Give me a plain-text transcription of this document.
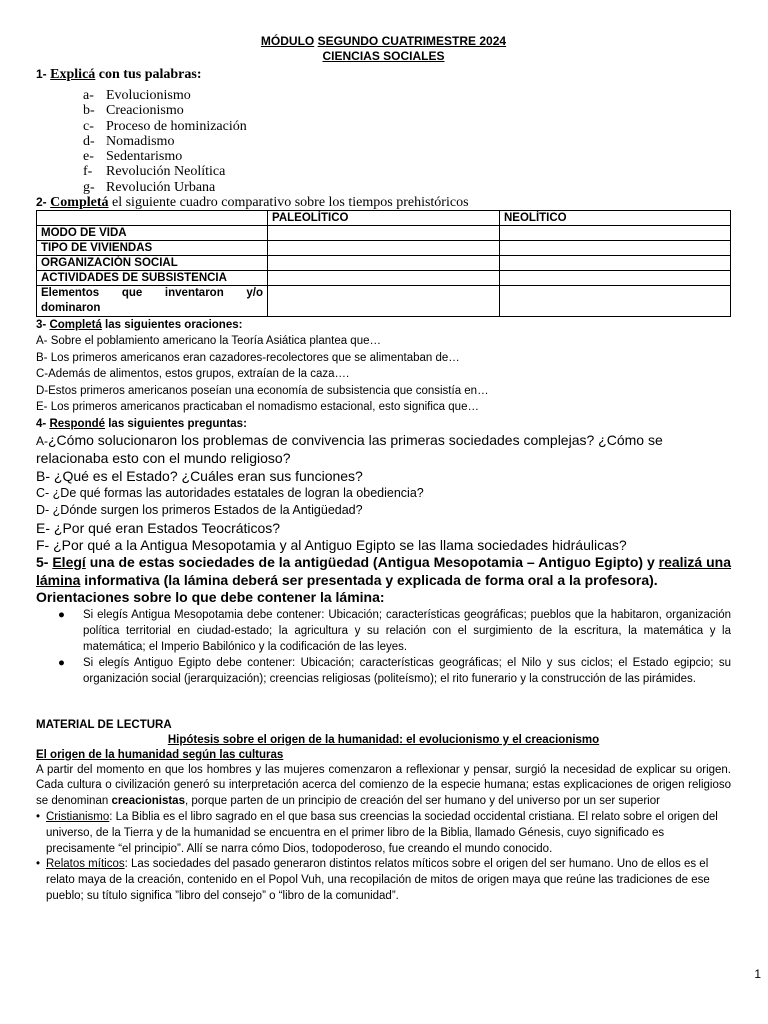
MÓDULO SEGUNDO CUATRIMESTRE 2024
CIENCIAS SOCIALES
1- Explicá con tus palabras:
a- Evolucionismo
b- Creacionismo
c- Proceso de hominización
d- Nomadismo
e- Sedentarismo
f- Revolución Neolítica
g- Revolución Urbana
2- Completá el siguiente cuadro comparativo sobre los tiempos prehistóricos
	PALEOLÍTICO	NEOLÍTICO
MODO DE VIDA		
TIPO DE VIVIENDAS		
ORGANIZACIÓN SOCIAL		
ACTIVIDADES DE SUBSISTENCIA		

Elementos que inventaron y/o
dominaron		

3- Completá las siguientes oraciones:
A- Sobre el poblamiento americano la Teoría Asiática plantea que…
B- Los primeros americanos eran cazadores-recolectores que se alimentaban de…
C-Además de alimentos, estos grupos, extraían de la caza….
D-Estos primeros americanos poseían una economía de subsistencia que consistía en…
E- Los primeros americanos practicaban el nomadismo estacional, esto significa que…
4- Respondé las siguientes preguntas:
A-¿Cómo solucionaron los problemas de convivencia las primeras sociedades complejas? ¿Cómo se relacionaba esto con el mundo religioso?
B- ¿Qué es el Estado? ¿Cuáles eran sus funciones?
C- ¿De qué formas las autoridades estatales de logran la obediencia?
D- ¿Dónde surgen los primeros Estados de la Antigüedad?
E- ¿Por qué eran Estados Teocráticos?
F- ¿Por qué a la Antigua Mesopotamia y al Antiguo Egipto se las llama sociedades hidráulicas?
5- Elegí una de estas sociedades de la antigüedad (Antigua Mesopotamia – Antiguo Egipto) y realizá una lámina informativa (la lámina deberá ser presentada y explicada de forma oral a la profesora).
Orientaciones sobre lo que debe contener la lámina:
● Si elegís Antigua Mesopotamia debe contener: Ubicación; características geográficas; pueblos que la habitaron, organización política territorial en ciudad-estado; la agricultura y su relación con el surgimiento de la escritura, la matemática y la matemática; el Imperio Babilónico y la codificación de las leyes.
● Si elegís Antiguo Egipto debe contener: Ubicación; características geográficas; el Nilo y sus ciclos; el Estado egipcio; su organización social (jerarquización); creencias religiosas (politeísmo); el rito funerario y la construcción de las pirámides.
MATERIAL DE LECTURA
Hipótesis sobre el origen de la humanidad: el evolucionismo y el creacionismo
El origen de la humanidad según las culturas
A partir del momento en que los hombres y las mujeres comenzaron a reflexionar y pensar, surgió la necesidad de explicar su origen. Cada cultura o civilización generó su interpretación acerca del comienzo de la especie humana; estas explicaciones de origen religioso se denominan creacionistas, porque parten de un principio de creación del ser humano y del universo por un ser superior
• Cristianismo: La Biblia es el libro sagrado en el que basa sus creencias la sociedad occidental cristiana. El relato sobre el origen del universo, de la Tierra y de la humanidad se encuentra en el primer libro de la Biblia, llamado Génesis, cuyo significado es precisamente “el principio”. Allí se narra cómo Dios, todopoderoso, fue creando el mundo conocido.
• Relatos míticos: Las sociedades del pasado generaron distintos relatos míticos sobre el origen del ser humano. Uno de ellos es el relato maya de la creación, contenido en el Popol Vuh, una recopilación de mitos de origen maya que reúne las tradiciones de ese pueblo; su título significa ”libro del consejo” o “libro de la comunidad”.
1
